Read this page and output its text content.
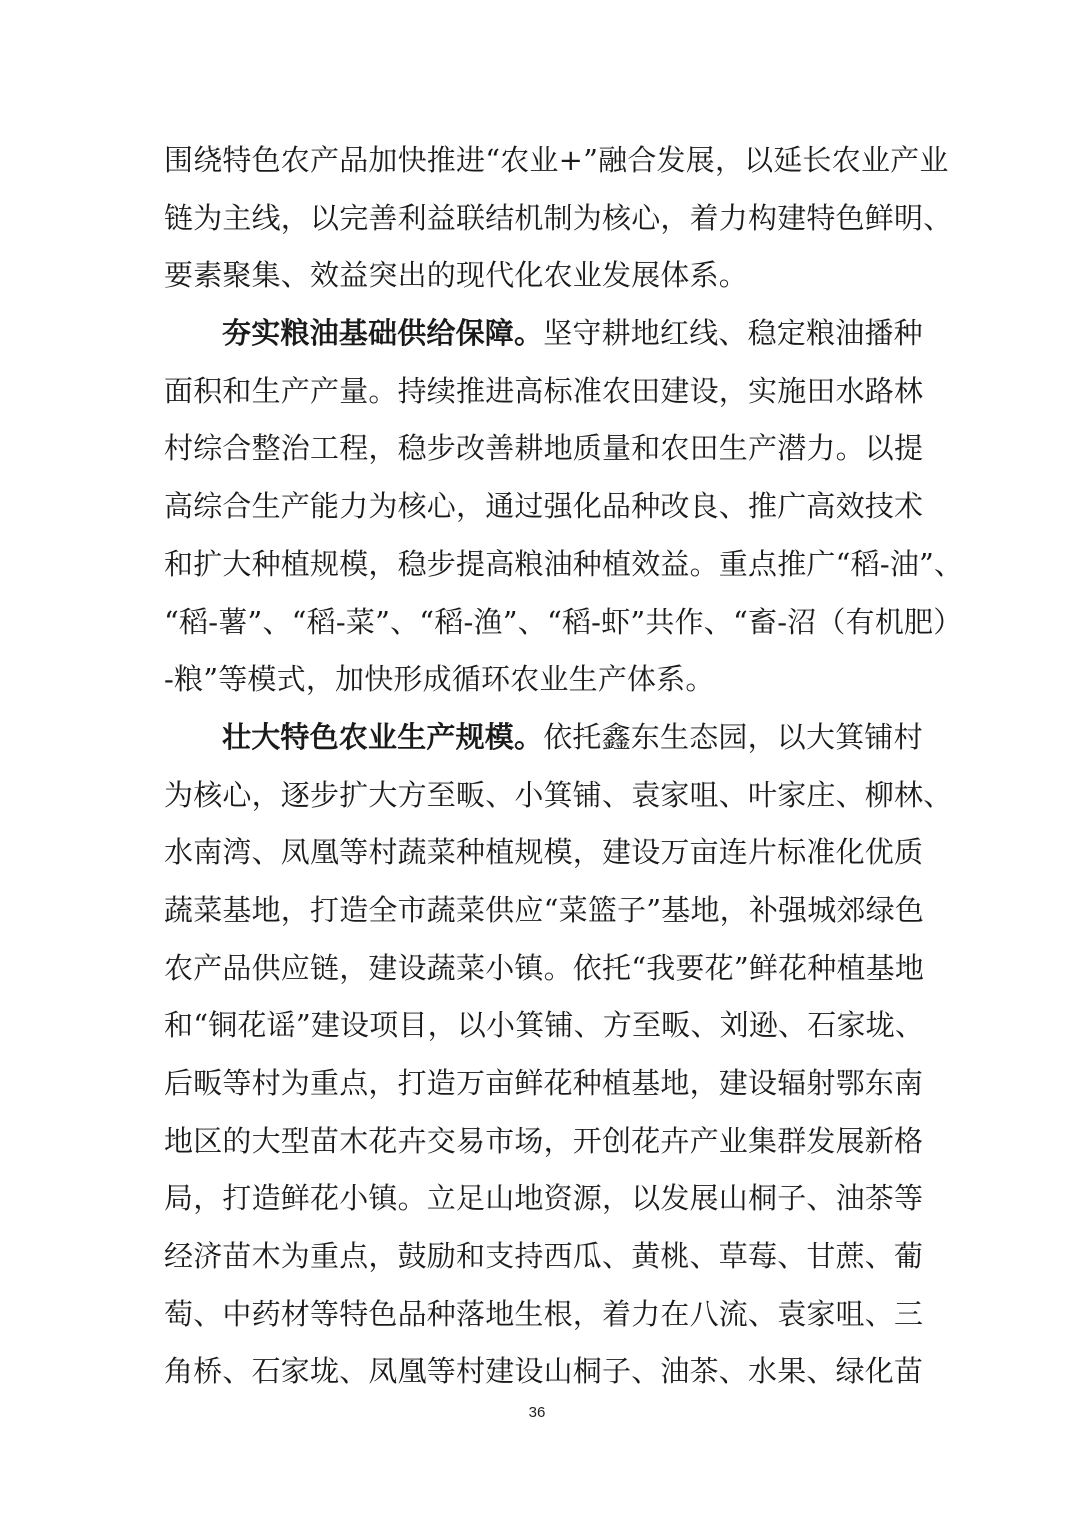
围绕特色农产品加快推进“农业+”融合发展，以延长农业产业
链为主线，以完善利益联结机制为核心，着力构建特色鲜明、
要素聚集、效益突出的现代化农业发展体系。
夯实粮油基础供给保障。坚守耕地红线、稳定粮油播种
面积和生产产量。持续推进高标准农田建设，实施田水路林
村综合整治工程，稳步改善耕地质量和农田生产潜力。以提
高综合生产能力为核心，通过强化品种改良、推广高效技术
和扩大种植规模，稳步提高粮油种植效益。重点推广“稻-油”、
“稻-薯”、“稻-菜”、“稻-渔”、“稻-虾”共作、“畜-沼（有机肥）
-粮”等模式，加快形成循环农业生产体系。
壮大特色农业生产规模。依托鑫东生态园，以大箕铺村
为核心，逐步扩大方至畈、小箕铺、袁家咀、叶家庄、柳林、
水南湾、凤凰等村蔬菜种植规模，建设万亩连片标准化优质
蔬菜基地，打造全市蔬菜供应“菜篮子”基地，补强城郊绿色
农产品供应链，建设蔬菜小镇。依托“我要花”鲜花种植基地
和“铜花谣”建设项目，以小箕铺、方至畈、刘逊、石家垅、
后畈等村为重点，打造万亩鲜花种植基地，建设辐射鄂东南
地区的大型苗木花卉交易市场，开创花卉产业集群发展新格
局，打造鲜花小镇。立足山地资源，以发展山桐子、油茶等
经济苗木为重点，鼓励和支持西瓜、黄桃、草莓、甘蔗、葡
萄、中药材等特色品种落地生根，着力在八流、袁家咀、三
角桥、石家垅、凤凰等村建设山桐子、油茶、水果、绿化苗
36
